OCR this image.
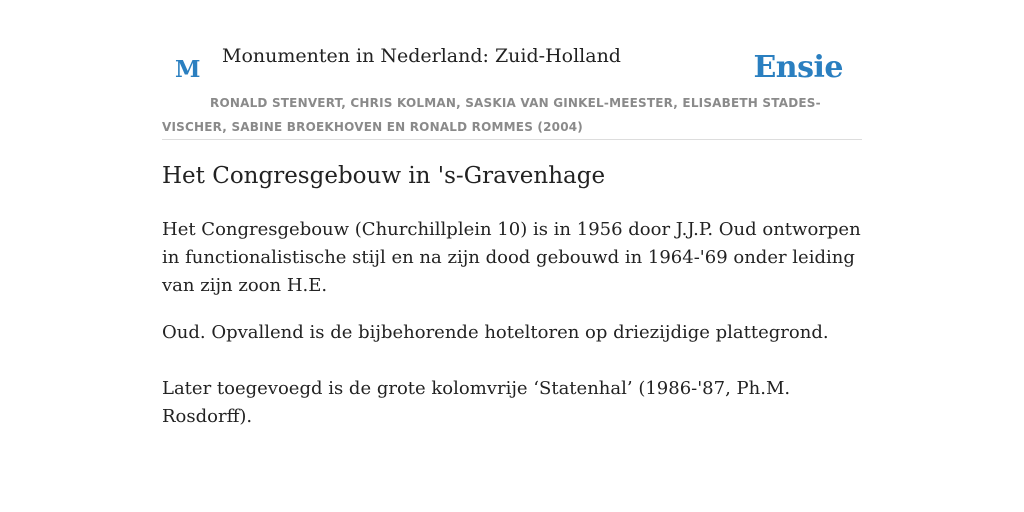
M Monumenten in Nederland: Zuid-Holland	Ensie
RONALD STENVERT, CHRIS KOLMAN, SASKIA VAN GINKEL-MEESTER, ELISABETH STADES-VISCHER, SABINE BROEKHOVEN EN RONALD ROMMES (2004)
Het Congresgebouw in 's-Gravenhage

Het Congresgebouw (Churchillplein 10) is in 1956 door J.J.P. Oud ontworpen in functionalistische stijl en na zijn dood gebouwd in 1964-'69 onder leiding van zijn zoon H.E.

Oud. Opvallend is de bijbehorende hoteltoren op driezijdige plattegrond.

Later toegevoegd is de grote kolomvrije ‘Statenhal’ (1986-'87, Ph.M. Rosdorff).
